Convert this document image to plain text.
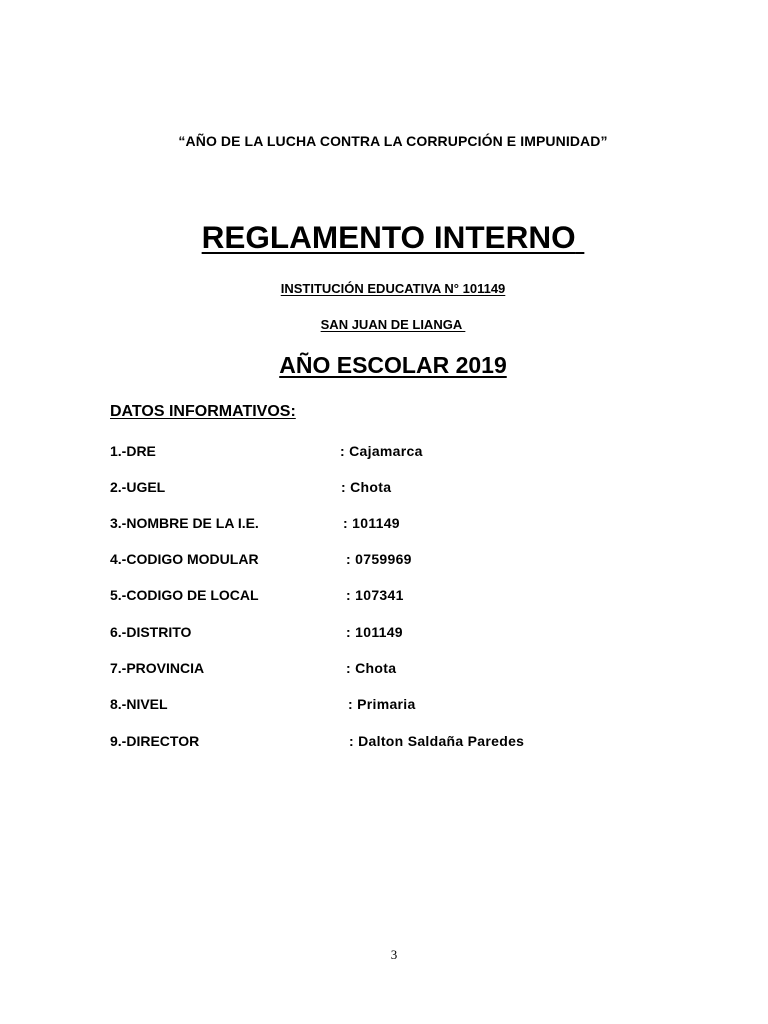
“AÑO DE LA LUCHA CONTRA LA CORRUPCIÓN E IMPUNIDAD”
REGLAMENTO INTERNO
INSTITUCIÓN EDUCATIVA N° 101149
SAN JUAN DE LIANGA
AÑO ESCOLAR 2019
DATOS INFORMATIVOS:
1.-DRE	: Cajamarca
2.-UGEL	: Chota
3.-NOMBRE DE LA I.E.	: 101149
4.-CODIGO MODULAR	: 0759969
5.-CODIGO DE LOCAL	: 107341
6.-DISTRITO	: 101149
7.-PROVINCIA	: Chota
8.-NIVEL	: Primaria
9.-DIRECTOR	: Dalton Saldaña Paredes
3
